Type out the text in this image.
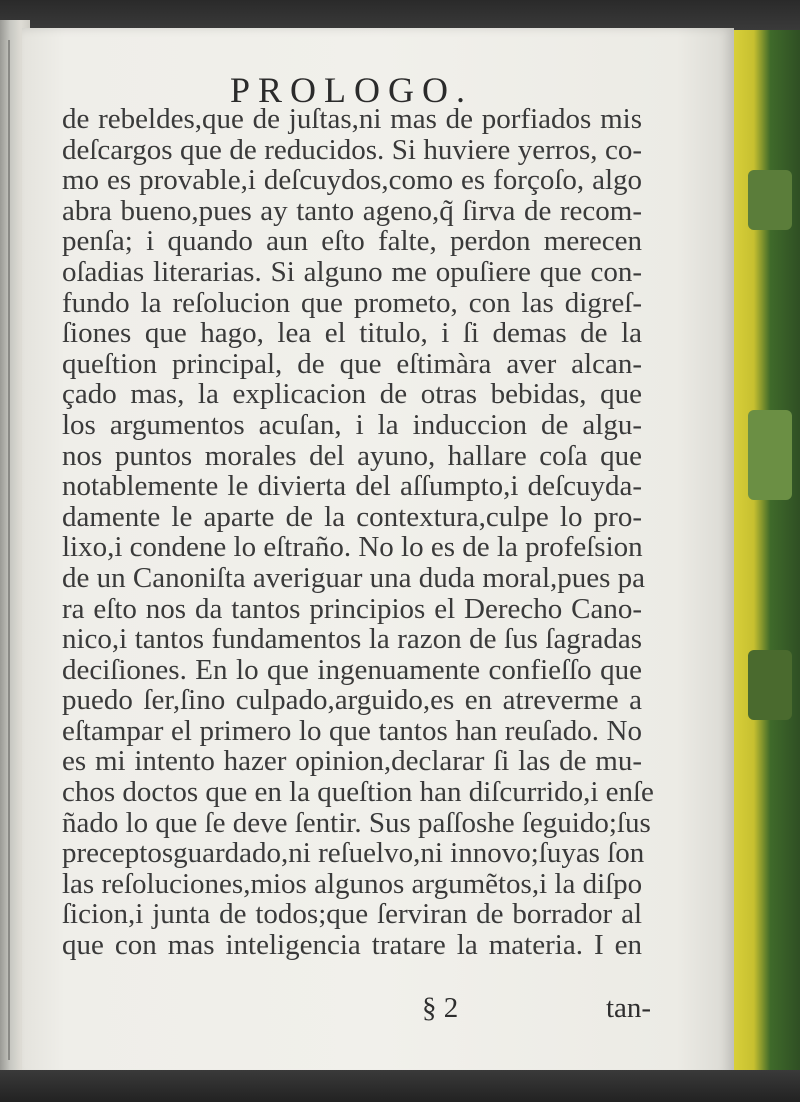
PROLOGO.
de rebeldes,que de juſtas,ni mas de porfiados mis
deſcargos que de reducidos. Si huviere yerros, co-
mo es provable,i deſcuydos,como es forçoſo, algo
abra bueno,pues ay tanto ageno,q̃ ſirva de recom-
penſa; i quando aun eſto falte, perdon merecen
oſadias literarias. Si alguno me opuſiere que con-
fundo la reſolucion que prometo, con las digreſ-
ſiones que hago, lea el titulo, i ſi demas de la
queſtion principal, de que eſtimàra aver alcan-
çado mas, la explicacion de otras bebidas, que
los argumentos acuſan, i la induccion de algu-
nos puntos morales del ayuno, hallare coſa que
notablemente le divierta del aſſumpto,i deſcuyda-
damente le aparte de la contextura,culpe lo pro-
lixo,i condene lo eſtraño. No lo es de la profeſsion
de un Canoniſta averiguar una duda moral,pues pa
ra eſto nos da tantos principios el Derecho Cano-
nico,i tantos fundamentos la razon de ſus ſagradas
deciſiones. En lo que ingenuamente confieſſo que
puedo ſer,ſino culpado,arguido,es en atreverme a
eſtampar el primero lo que tantos han reuſado. No
es mi intento hazer opinion,declarar ſi las de mu-
chos doctos que en la queſtion han diſcurrido,i enſe
ñado lo que ſe deve ſentir. Sus paſſoshe ſeguido;ſus
preceptosguardado,ni reſuelvo,ni innovo;ſuyas ſon
las reſoluciones,mios algunos argumẽtos,i la diſpo
ſicion,i junta de todos;que ſerviran de borrador al
que con mas inteligencia tratare la materia. I en
§ 2	tan-
